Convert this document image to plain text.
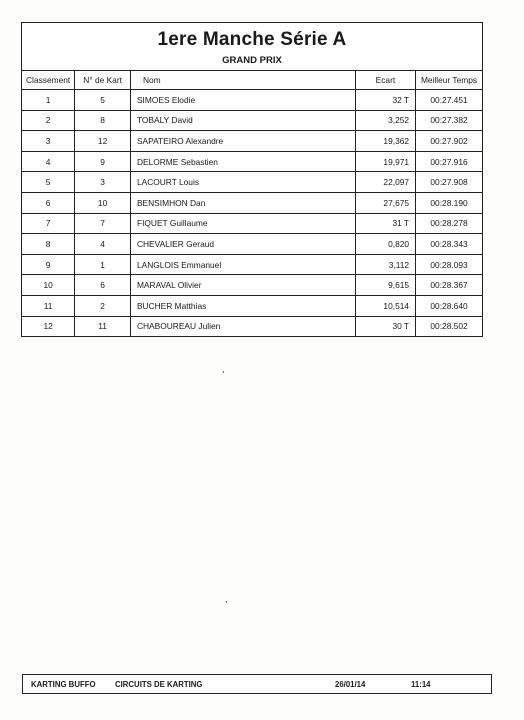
1ere Manche Série A
GRAND PRIX
Classement	N° de Kart	Nom	Ecart	Meilleur Temps
1	5	SIMOES Elodie	32 T	00:27.451
2	8	TOBALY David	3,252	00:27.382
3	12	SAPATEIRO Alexandre	19,362	00:27.902
4	9	DELORME Sebastien	19,971	00:27.916
5	3	LACOURT Louis	22,097	00:27.908
6	10	BENSIMHON Dan	27,675	00:28.190
7	7	FIQUET Guillaume	31 T	00:28.278
8	4	CHEVALIER Geraud	0,820	00:28.343
9	1	LANGLOIS Emmanuel	3,112	00:28.093
10	6	MARAVAL Olivier	9,615	00:28.367
11	2	BUCHER Matthias	10,514	00:28.640
12	11	CHABOUREAU Julien	30 T	00:28.502
,
,
KARTING BUFFO CIRCUITS DE KARTING	26/01/14	11:14
